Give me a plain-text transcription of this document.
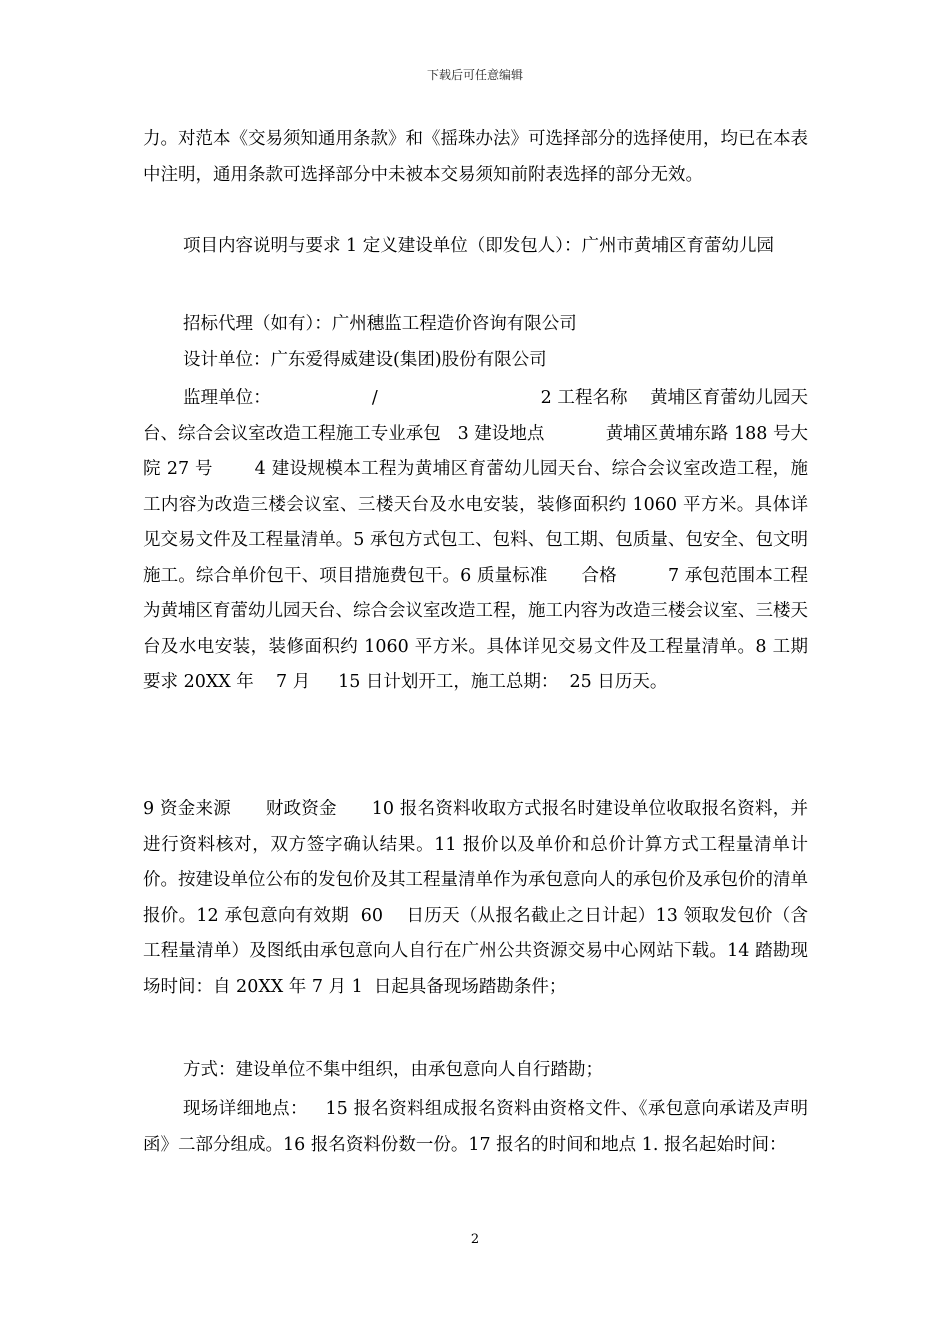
下载后可任意编辑

力。对范本《交易须知通用条款》和《摇珠办法》可选择部分的选择使用，均已在本表中注明，通用条款可选择部分中未被本交易须知前附表选择的部分无效。

项目内容说明与要求 1 定义建设单位（即发包人）：广州市黄埔区育蕾幼儿园

招标代理（如有）：广州穗监工程造价咨询有限公司

设计单位：广东爱得威建设(集团)股份有限公司

监理单位：                  /                             2 工程名称    黄埔区育蕾幼儿园天台、综合会议室改造工程施工专业承包   3 建设地点           黄埔区黄埔东路 188 号大院 27 号       4 建设规模本工程为黄埔区育蕾幼儿园天台、综合会议室改造工程，施工内容为改造三楼会议室、三楼天台及水电安装，装修面积约 1060 平方米。具体详见交易文件及工程量清单。5 承包方式包工、包料、包工期、包质量、包安全、包文明施工。综合单价包干、项目措施费包干。6 质量标准      合格         7 承包范围本工程为黄埔区育蕾幼儿园天台、综合会议室改造工程，施工内容为改造三楼会议室、三楼天台及水电安装，装修面积约 1060 平方米。具体详见交易文件及工程量清单。8 工期要求 20XX 年    7 月     15 日计划开工，施工总期：  25 日历天。

9 资金来源      财政资金      10 报名资料收取方式报名时建设单位收取报名资料，并进行资料核对，双方签字确认结果。11 报价以及单价和总价计算方式工程量清单计价。按建设单位公布的发包价及其工程量清单作为承包意向人的承包价及承包价的清单报价。12 承包意向有效期  60    日历天（从报名截止之日计起）13 领取发包价（含工程量清单）及图纸由承包意向人自行在广州公共资源交易中心网站下载。14 踏勘现场时间：自 20XX 年 7 月 1  日起具备现场踏勘条件；

方式：建设单位不集中组织，由承包意向人自行踏勘；

现场详细地点：   15 报名资料组成报名资料由资格文件、《承包意向承诺及声明函》二部分组成。16 报名资料份数一份。17 报名的时间和地点 1. 报名起始时间：

2
